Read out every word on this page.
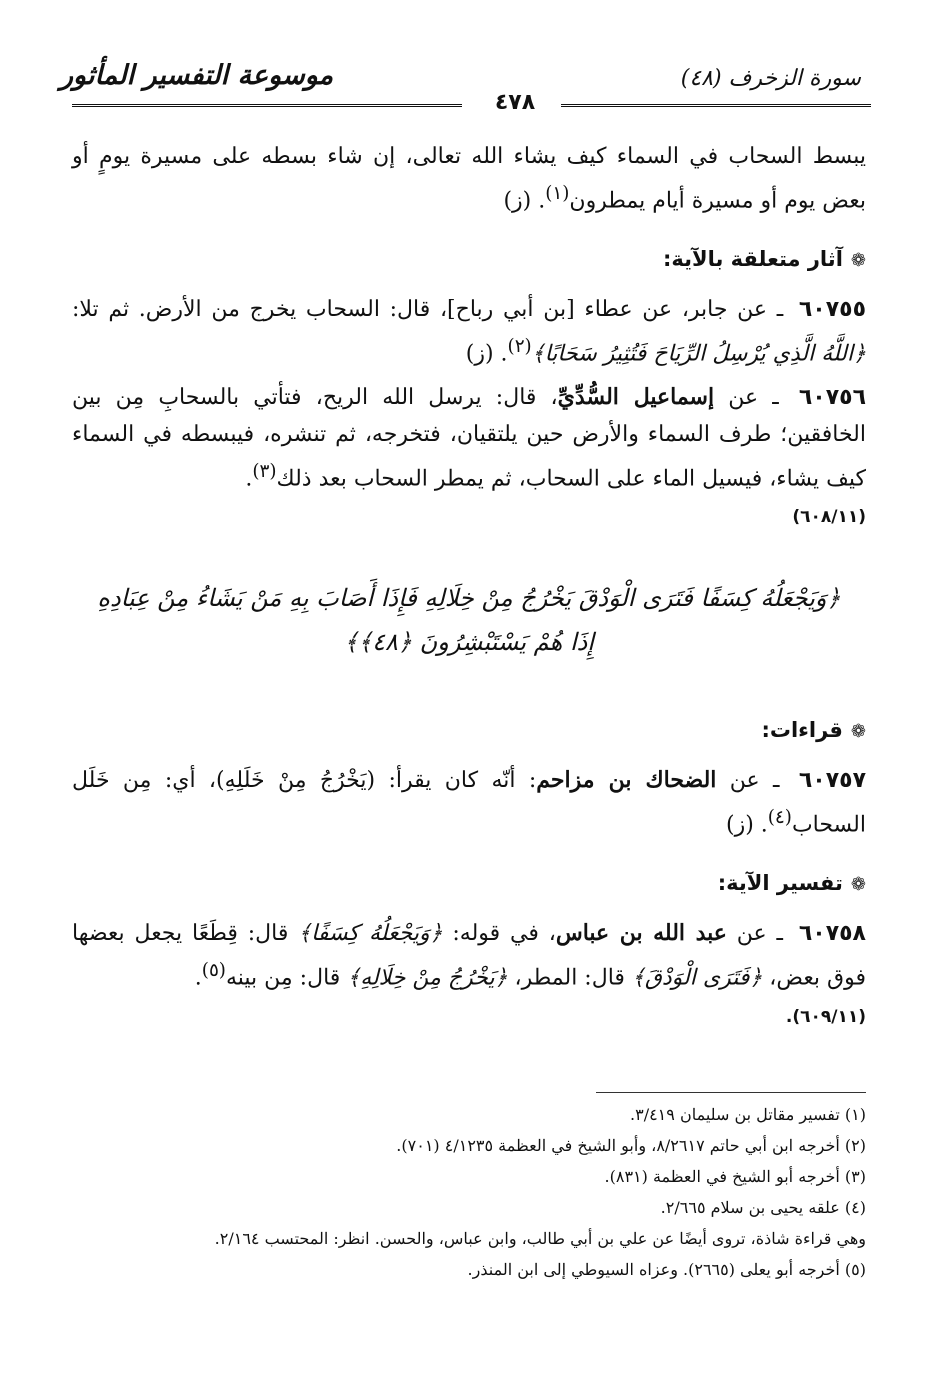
سورة الزخرف (٤٨)
موسوعة التفسير المأثور
٤٧٨

يبسط السحاب في السماء كيف يشاء الله تعالى، إن شاء بسطه على مسيرة يومٍ أو بعض يوم أو مسيرة أيام يمطرون$^{(١)}$. (ز)

❁آثار متعلقة بالآية:

٦٠٧٥٥ ـ عن جابر، عن عطاء [بن أبي رباح]، قال: السحاب يخرج من الأرض. ثم تلا: ﴿اللَّهُ الَّذِي يُرْسِلُ الرِّيَاحَ فَتُثِيرُ سَحَابًا﴾$^{(٢)}$. (ز)

٦٠٧٥٦ ـ عن إسماعيل السُّدِّيِّ، قال: يرسل الله الريح، فتأتي بالسحابِ مِن بين الخافقين؛ طرف السماء والأرض حين يلتقيان، فتخرجه، ثم تنشره، فيبسطه في السماء كيف يشاء، فيسيل الماء على السحاب، ثم يمطر السحاب بعد ذلك$^{(٣)}$.
(٦٠٨/١١)

﴿وَيَجْعَلُهُ كِسَفًا فَتَرَى الْوَدْقَ يَخْرُجُ مِنْ خِلَالِهِ فَإِذَا أَصَابَ بِهِ مَنْ يَشَاءُ مِنْ عِبَادِهِ إِذَا هُمْ يَسْتَبْشِرُونَ ﴿٤٨﴾﴾

❁قراءات:

٦٠٧٥٧ ـ عن الضحاك بن مزاحم: أنّه كان يقرأ: (يَخْرُجُ مِنْ خَلَلِهِ)، أي: مِن خَلَل السحاب$^{(٤)}$. (ز)

❁تفسير الآية:

٦٠٧٥٨ ـ عن عبد الله بن عباس، في قوله: ﴿وَيَجْعَلُهُ كِسَفًا﴾ قال: قِطَعًا يجعل بعضها فوق بعض، ﴿فَتَرَى الْوَدْقَ﴾ قال: المطر، ﴿يَخْرُجُ مِنْ خِلَالِهِ﴾ قال: مِن بينه$^{(٥)}$.
(٦٠٩/١١).

(١) تفسير مقاتل بن سليمان ٣/٤١٩.

(٢) أخرجه ابن أبي حاتم ٨/٢٦١٧، وأبو الشيخ في العظمة ٤/١٢٣٥ (٧٠١).

(٣) أخرجه أبو الشيخ في العظمة (٨٣١).

(٤) علقه يحيى بن سلام ٢/٦٦٥.

وهي قراءة شاذة، تروى أيضًا عن علي بن أبي طالب، وابن عباس، والحسن. انظر: المحتسب ٢/١٦٤.

(٥) أخرجه أبو يعلى (٢٦٦٥). وعزاه السيوطي إلى ابن المنذر.
